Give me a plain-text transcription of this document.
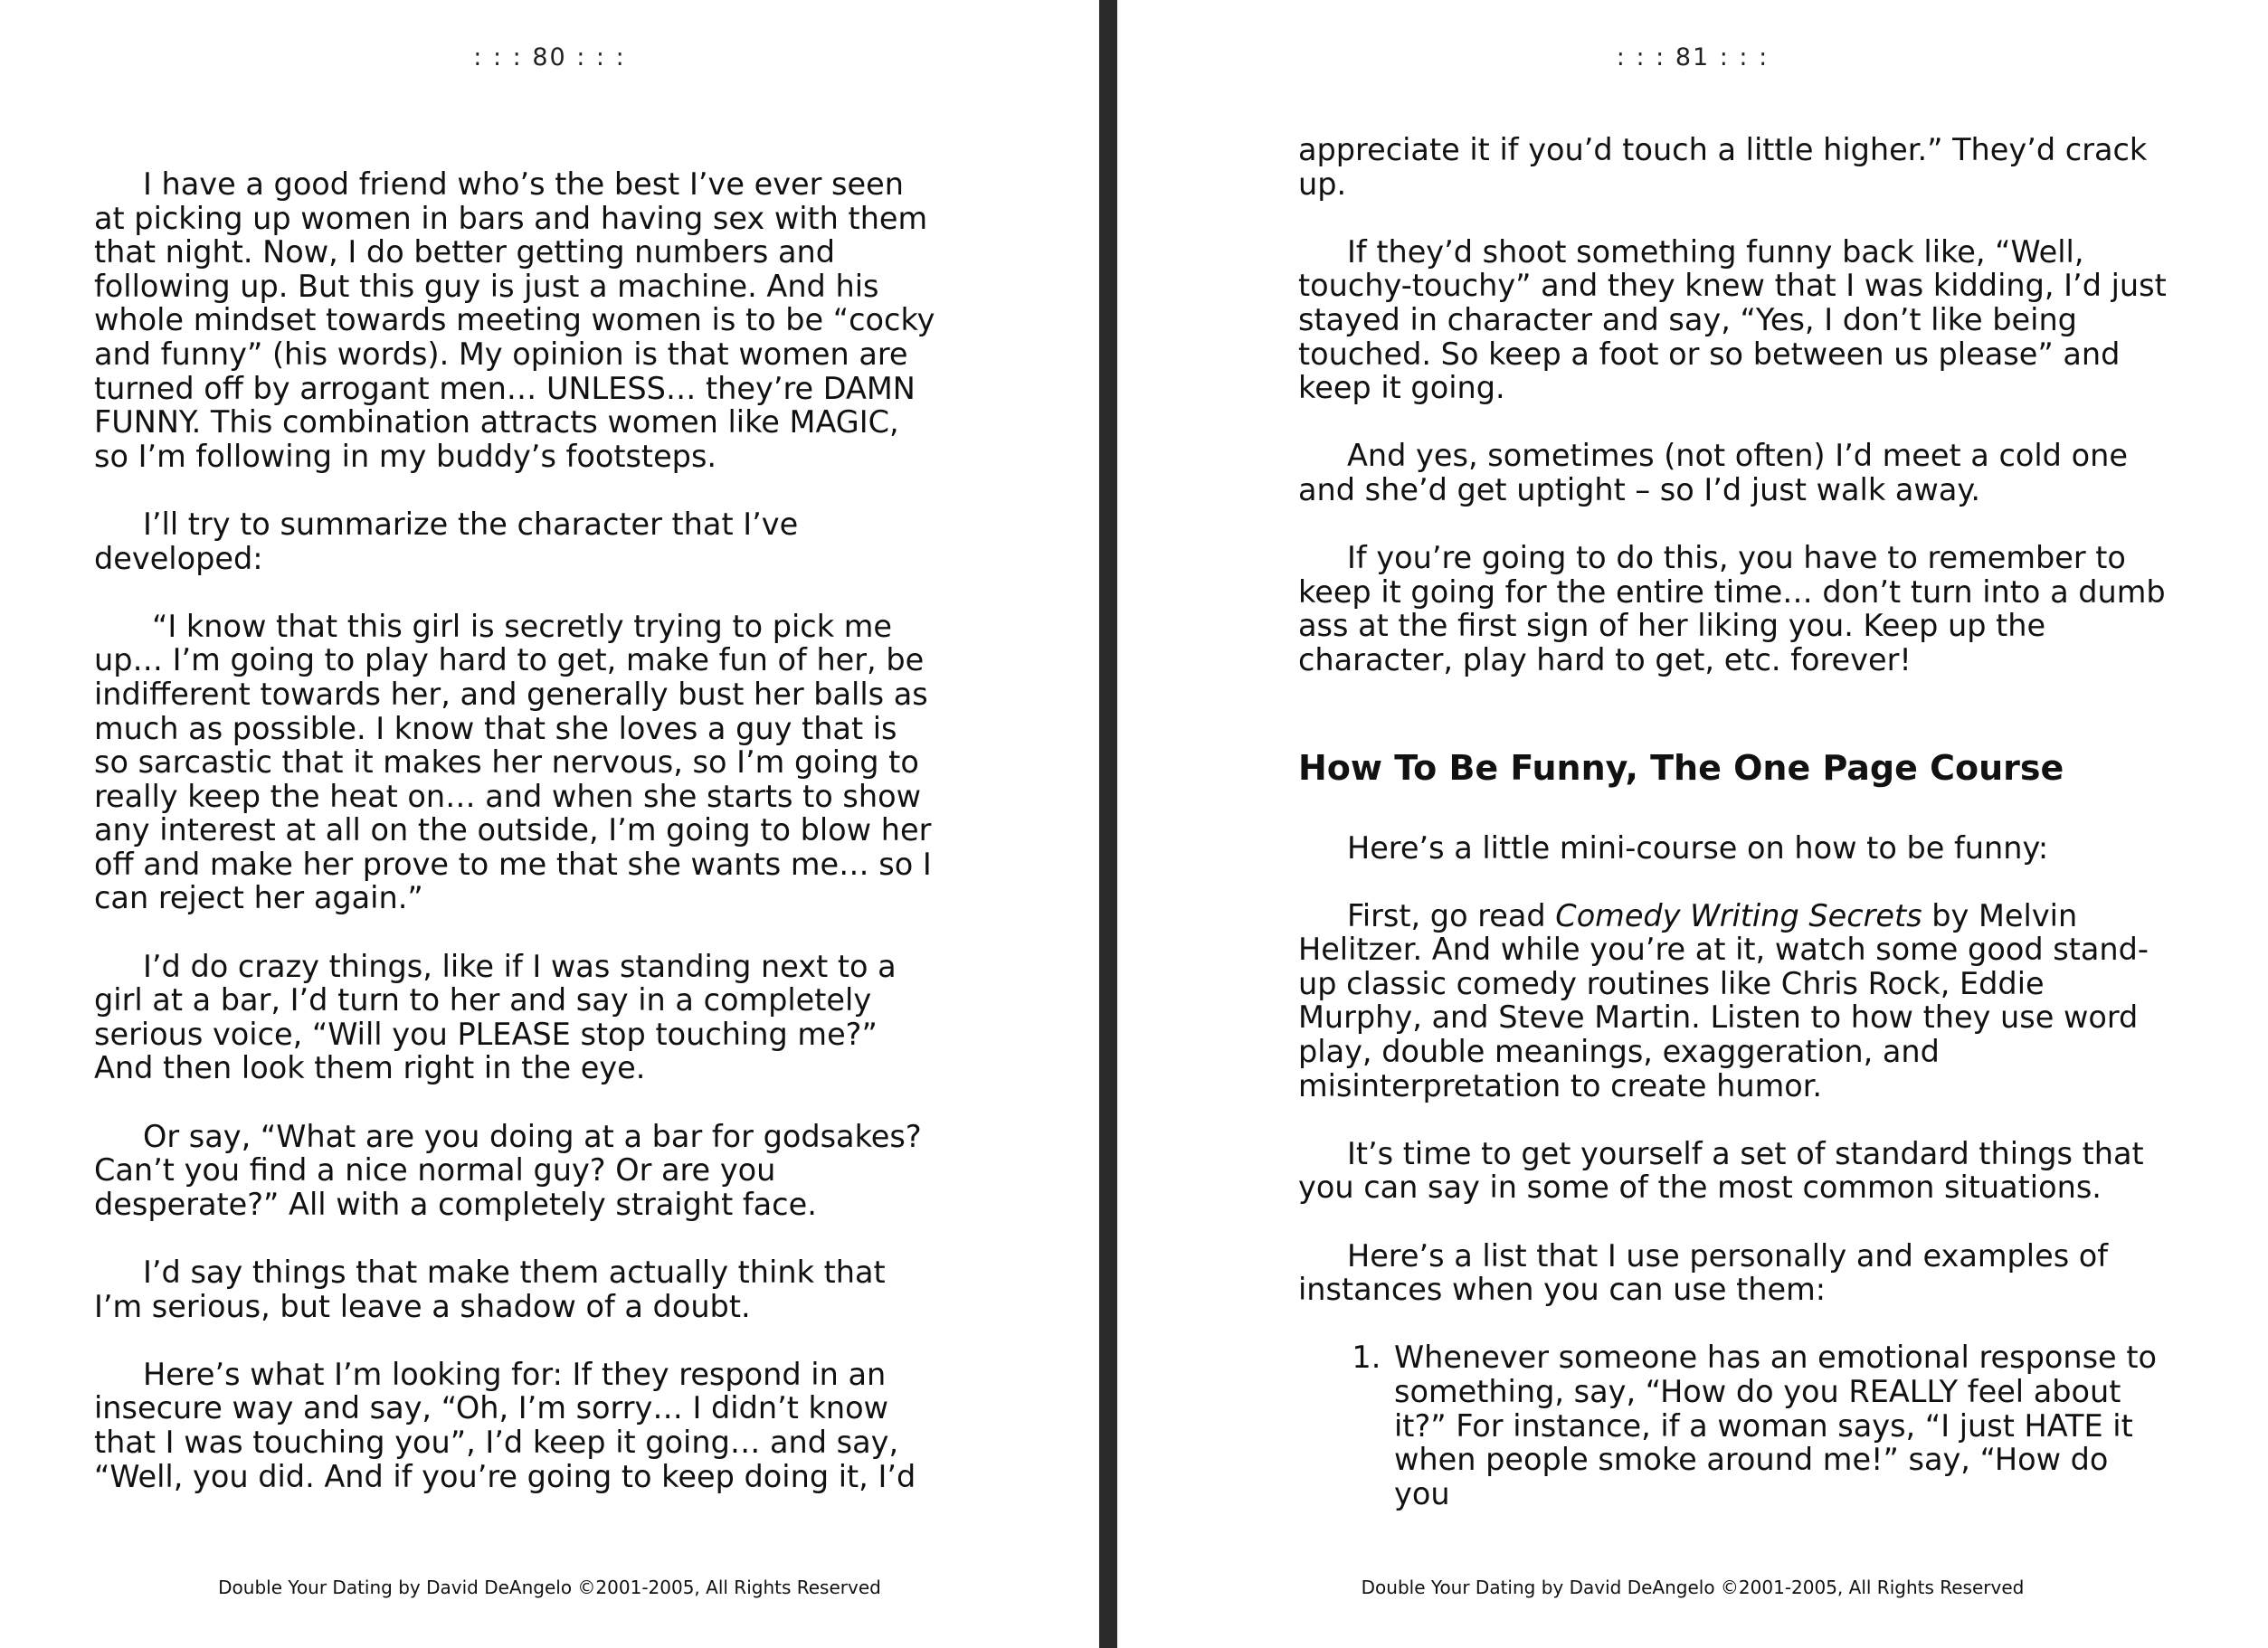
: : : 80 : : :

I have a good friend who’s the best I’ve ever seen at picking up women in bars and having sex with them that night. Now, I do better getting numbers and following up. But this guy is just a machine. And his whole mindset towards meeting women is to be “cocky and funny” (his words). My opinion is that women are turned off by arrogant men… UNLESS… they’re DAMN FUNNY. This combination attracts women like MAGIC, so I’m following in my buddy’s footsteps.

I’ll try to summarize the character that I’ve developed:

“I know that this girl is secretly trying to pick me up… I’m going to play hard to get, make fun of her, be indifferent towards her, and generally bust her balls as much as possible. I know that she loves a guy that is so sarcastic that it makes her nervous, so I’m going to really keep the heat on… and when she starts to show any interest at all on the outside, I’m going to blow her off and make her prove to me that she wants me… so I can reject her again.”

I’d do crazy things, like if I was standing next to a girl at a bar, I’d turn to her and say in a completely serious voice, “Will you PLEASE stop touching me?” And then look them right in the eye.

Or say, “What are you doing at a bar for godsakes? Can’t you find a nice normal guy? Or are you desperate?” All with a completely straight face.

I’d say things that make them actually think that I’m serious, but leave a shadow of a doubt.

Here’s what I’m looking for: If they respond in an insecure way and say, “Oh, I’m sorry… I didn’t know that I was touching you”, I’d keep it going… and say, “Well, you did. And if you’re going to keep doing it, I’d

Double Your Dating by David DeAngelo ©2001-2005, All Rights Reserved
: : : 81 : : :

appreciate it if you’d touch a little higher.” They’d crack up.

If they’d shoot something funny back like, “Well, touchy-touchy” and they knew that I was kidding, I’d just stayed in character and say, “Yes, I don’t like being touched. So keep a foot or so between us please” and keep it going.

And yes, sometimes (not often) I’d meet a cold one and she’d get uptight – so I’d just walk away.

If you’re going to do this, you have to remember to keep it going for the entire time… don’t turn into a dumb ass at the first sign of her liking you. Keep up the character, play hard to get, etc. forever!

How To Be Funny, The One Page Course

Here’s a little mini-course on how to be funny:

First, go read Comedy Writing Secrets by Melvin Helitzer. And while you’re at it, watch some good stand-up classic comedy routines like Chris Rock, Eddie Murphy, and Steve Martin. Listen to how they use word play, double meanings, exaggeration, and misinterpretation to create humor.

It’s time to get yourself a set of standard things that you can say in some of the most common situations.

Here’s a list that I use personally and examples of instances when you can use them:

1. Whenever someone has an emotional response to something, say, “How do you REALLY feel about it?” For instance, if a woman says, “I just HATE it when people smoke around me!” say, “How do you
Double Your Dating by David DeAngelo ©2001-2005, All Rights Reserved
